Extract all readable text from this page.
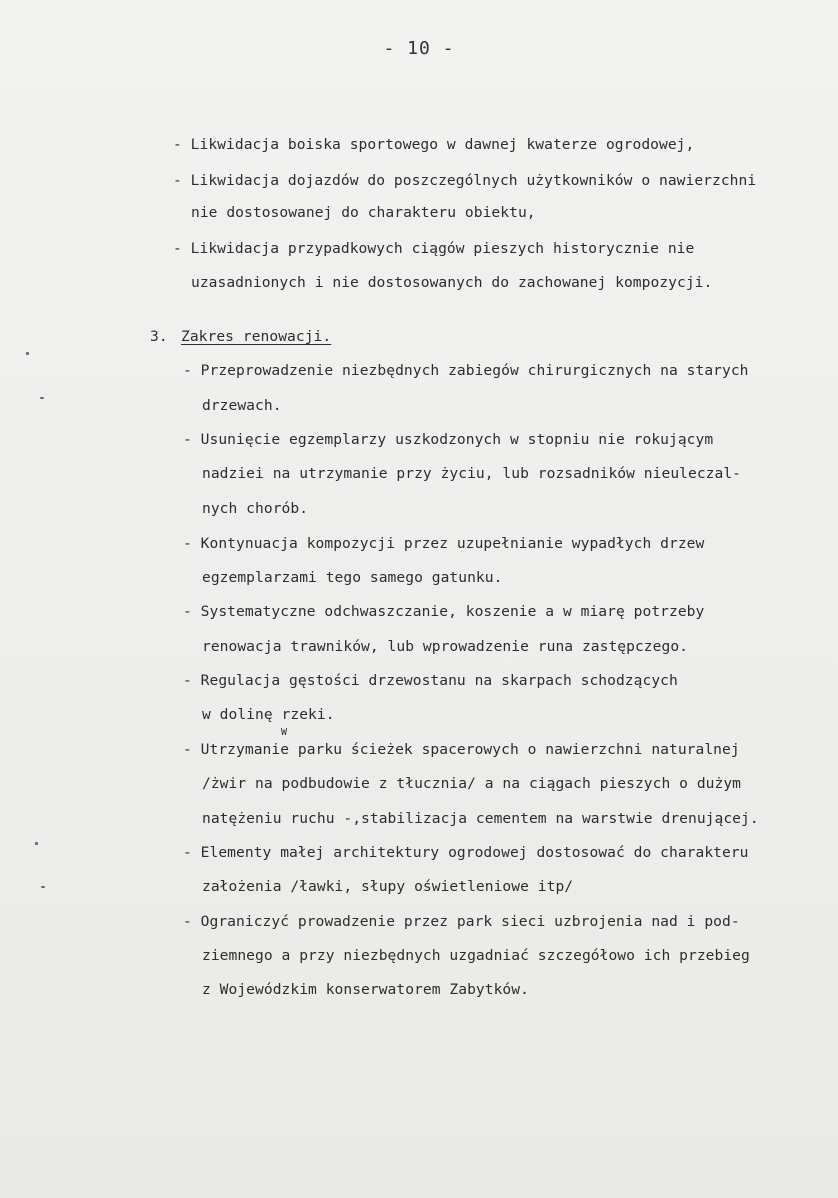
- 10 -
- Likwidacja boiska sportowego w dawnej kwaterze ogrodowej,
- Likwidacja dojazdów do poszczególnych użytkowników o nawierzchni
nie dostosowanej do charakteru obiektu,
- Likwidacja przypadkowych ciągów pieszych historycznie nie
uzasadnionych i nie dostosowanych do zachowanej kompozycji.
3. Zakres renowacji.
- Przeprowadzenie niezbędnych zabiegów chirurgicznych na starych
drzewach.
- Usunięcie egzemplarzy uszkodzonych w stopniu nie rokującym
nadziei na utrzymanie przy życiu, lub rozsadników nieuleczal-
nych chorób.
- Kontynuacja kompozycji przez uzupełnianie wypadłych drzew
egzemplarzami tego samego gatunku.
- Systematyczne odchwaszczanie, koszenie a w miarę potrzeby
renowacja trawników, lub wprowadzenie runa zastępczego.
- Regulacja gęstości drzewostanu na skarpach schodzących
w dolinę rzeki.
- Utrzymanie parku ścieżek spacerowych o nawierzchni naturalnej
W
/żwir na podbudowie z tłucznia/ a na ciągach pieszych o dużym
natężeniu ruchu -,stabilizacja cementem na warstwie drenującej.
- Elementy małej architektury ogrodowej dostosować do charakteru
założenia /ławki, słupy oświetleniowe itp/
- Ograniczyć prowadzenie przez park sieci uzbrojenia nad i pod-
ziemnego a przy niezbędnych uzgadniać szczegółowo ich przebieg
z Wojewódzkim konserwatorem Zabytków.
